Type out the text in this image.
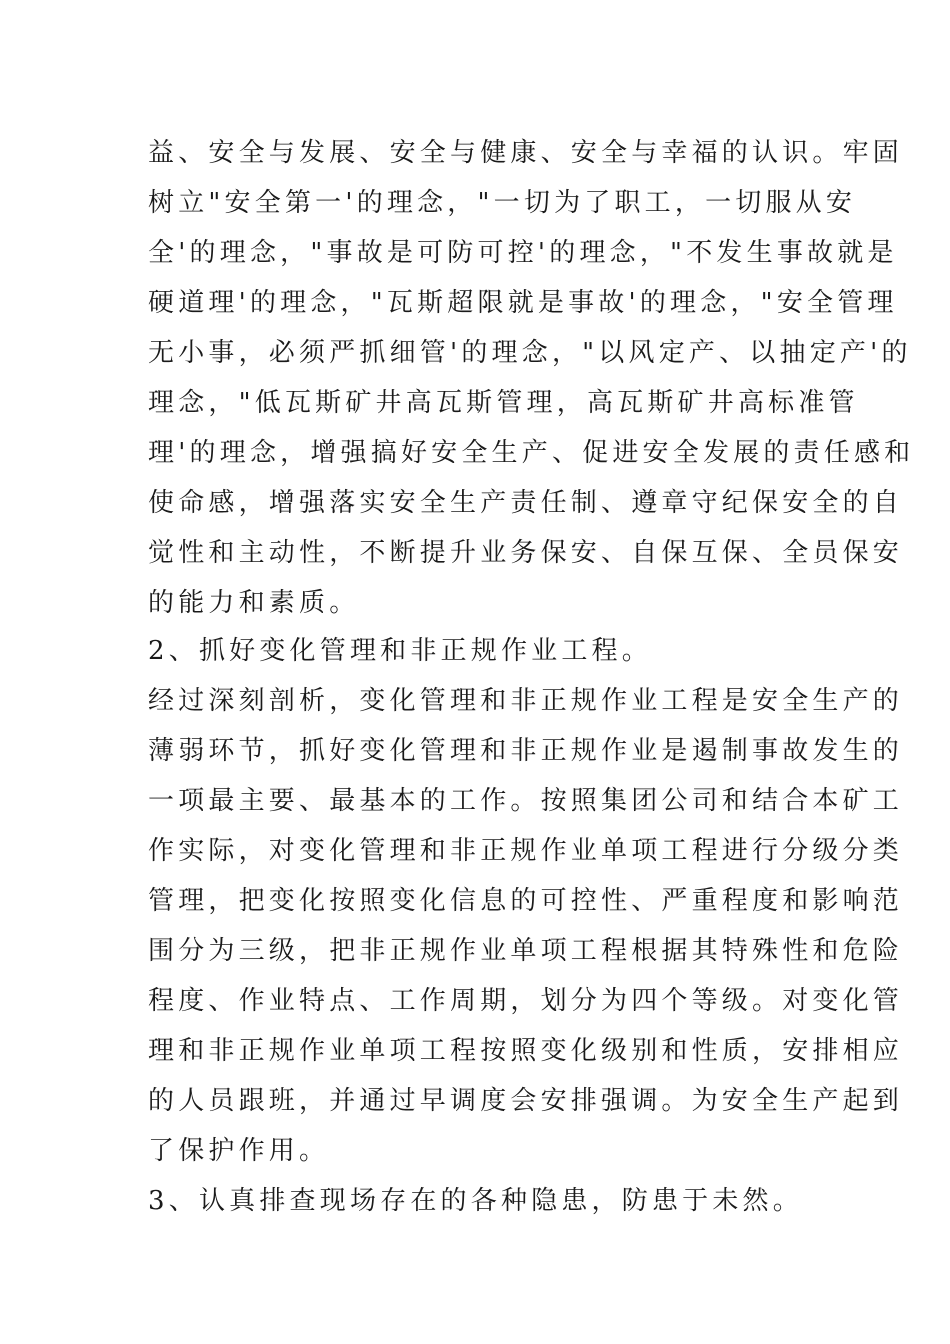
益、安全与发展、安全与健康、安全与幸福的认识。牢固
树立"安全第一'的理念，"一切为了职工，一切服从安
全'的理念，"事故是可防可控'的理念，"不发生事故就是
硬道理'的理念，"瓦斯超限就是事故'的理念，"安全管理
无小事，必须严抓细管'的理念，"以风定产、以抽定产'的
理念，"低瓦斯矿井高瓦斯管理，高瓦斯矿井高标准管
理'的理念，增强搞好安全生产、促进安全发展的责任感和
使命感，增强落实安全生产责任制、遵章守纪保安全的自
觉性和主动性，不断提升业务保安、自保互保、全员保安
的能力和素质。
2、抓好变化管理和非正规作业工程。
经过深刻剖析，变化管理和非正规作业工程是安全生产的
薄弱环节，抓好变化管理和非正规作业是遏制事故发生的
一项最主要、最基本的工作。按照集团公司和结合本矿工
作实际，对变化管理和非正规作业单项工程进行分级分类
管理，把变化按照变化信息的可控性、严重程度和影响范
围分为三级，把非正规作业单项工程根据其特殊性和危险
程度、作业特点、工作周期，划分为四个等级。对变化管
理和非正规作业单项工程按照变化级别和性质，安排相应
的人员跟班，并通过早调度会安排强调。为安全生产起到
了保护作用。
3、认真排查现场存在的各种隐患，防患于未然。
